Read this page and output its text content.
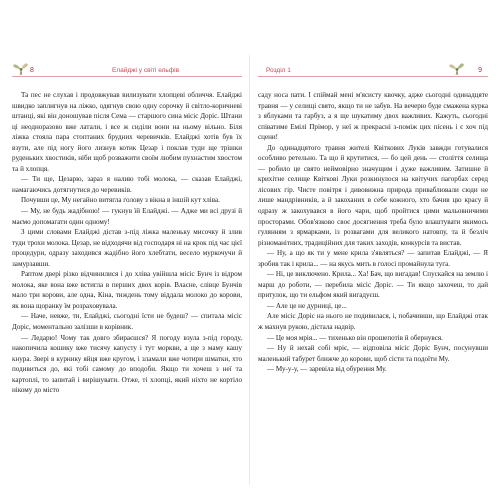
8	Елайджі у світі ельфів

Та пес не слухав і продовжував вилизувати хлопцеві обличчя. Елайджі швидко заплигнув на ліжко, одягнув свою одну сорочку й світло-коричневі штанці, які він доношував після Сема — старшого сина місіс Доріс. Штани ці неодноразово вже латали, і все ж сиділи вони на ньому вільно. Біля ліжка стояла пара стоптаних брудних черевичків. Елайджі хотів був їх взути, але під ногу його лизнув котик Цезар і поклав туди ще трішки руденьких хвостиків, ніби щоб розважити своїм любим пухнастим хвостом та й хлопця.

— Ти ще, Цезарю, зараз я налию тобі молока, — сказав Елайджі, намагаючись дотягнутися до черевиків.

Почувши це, Му негайно витягла голову з вікна в іншій кут хліва.

— Му, не будь жадібною! — гукнув їй Елайджі. — Адже ми всі друзі й маємо допомагати один одному!

З цими словами Елайджі дістав з-під ліжка маленьку мисочку й злив туди трохи молока. Цезар, не відходячи від господаря ні на крок під час цієї процедури, одразу заходився жадібно його хлебтати, весело муркочучи й замурзавши.

Раптом двері різко відчинилися і до хліва увійшла місіс Бунч із відром молока, яке вона вже встигла в перших двох корів. Власне, слівце Бунчів мало три корови, але одна, Кіна, тиждень тому віддала молоко до корови, як вона щоранку їм розраховувала.

— Наче, невже, ти, Елайджі, сьогодні їсти не будеш? — спитала місіс Доріс, моментально залізши в корівник.

— Ледарю! Чому так довго збираєшся? Я погоду взула з-під городу, накопичила кошику вже тисячу капусту і тут моркви, а ще з маму кашу кнура. Звері в курнику яйця вже кругом, і зламали вже чотири шматки, хто подивиться до, які тобі самому до вподоби. Якщо ти хочеш з неї та картоплі, то запитай і вирішувати. Отже, ті хлопці, який ніхто не кортіло нікому до місто

Розділ 1	9

саду носа пати. І спіймай мені м'ясисту квочку, адже сьогодні одинадцяте травня — у селищі свято, якщо ти не забув. На вечерю буде смажена курка з яблуками та гарбуз, а я ще шукатиму двох важливих. Кажуть, сьогодні співатиме Емілі Прімор, у неї ж прекрасні з-поміж цих пісень і є хоч під сцени!

До одинадцятого травня жителі Квіткових Луків завжди готувалися особливо ретельно. Та що й крутитися, — бо цей день — століття селища — робило це свято неймовірно значущим і дуже важливим. Затишне й крихітне селище Квіткові Луки розкинулося на квітучих пагорбах серед лісових гір. Чисте повітря і дивовижна природа приваблювали сюди не лише мандрівників, а й закоханих в себе кожного, хто бачив цю красу й одразу ж закохувався в його чари, щоб пройтися цими мальовничими просторами. Обов'язково своє досягнення треба було влаштувати якимось гулянням з ярмарками, із розвагами для великого натовпу, та й безліч різноманітних, традиційних для таких заходів, конкурсів та вистав.

— Ну, а що як ти у мене крила з'являться? — запитав Елайджі, — Я зробив так і крила... — на якусь мить в голосі промайнула туга.

— Ні, це виключено. Крила... Ха! Бач, що вигадав! Спускайся на землю і марш до роботи, — перебила місіс Доріс. — Ти якщо захочеш, то дай притулок, що ти ельфом який вигадуєш.

— Але це не дурниці, це...

Але місіс Доріс на нього не подивилася, і, побачивши, що Елайджі отак ж махнув рукою, дістала надвір.

— Це моя мрія... — тихенько він прошепотів й обернувся.

— Ну й нехай собі мріє, — відповіла місіс Доріс Бунч, посунувши маленький табурет ближче до корови, щоб сісти та подоїти Му.

— Му-у-у, — заревіла від обурення Му.
